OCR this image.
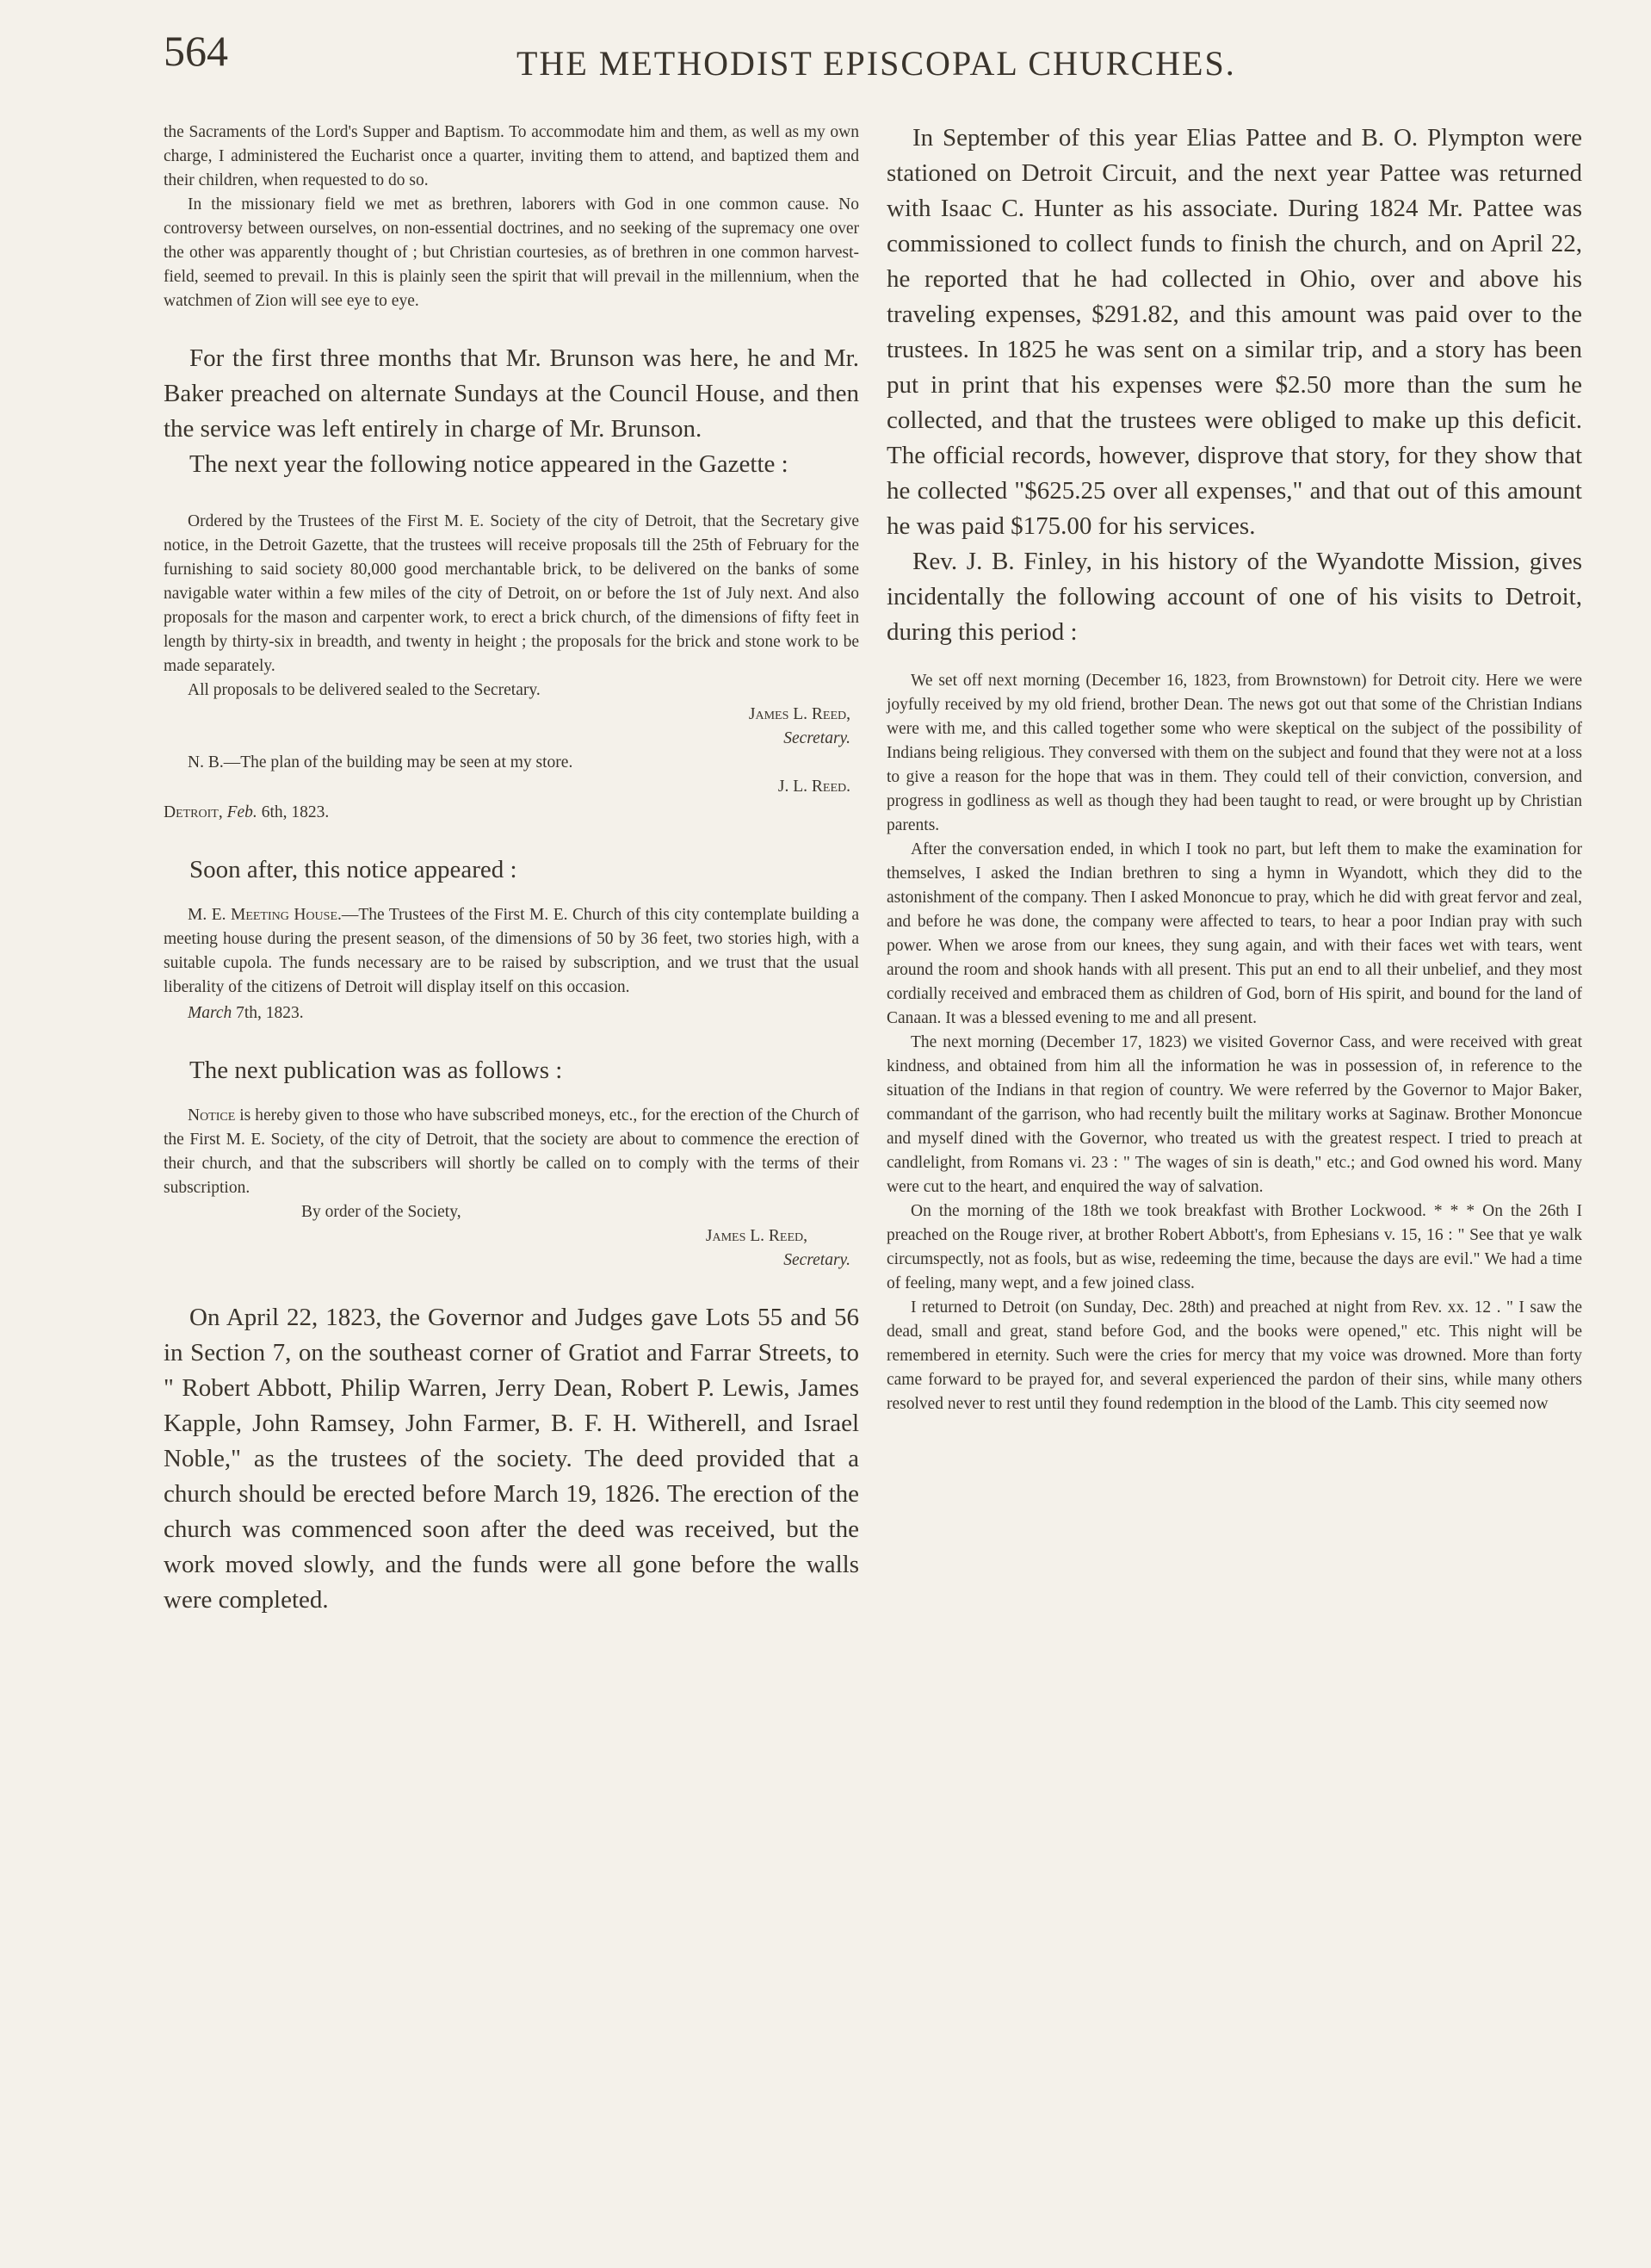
564	THE METHODIST EPISCOPAL CHURCHES.

the Sacraments of the Lord's Supper and Baptism. To accommodate him and them, as well as my own charge, I administered the Eucharist once a quarter, inviting them to attend, and baptized them and their children, when requested to do so.

In the missionary field we met as brethren, laborers with God in one common cause. No controversy between ourselves, on non-essential doctrines, and no seeking of the supremacy one over the other was apparently thought of ; but Christian courtesies, as of brethren in one common harvest-field, seemed to prevail. In this is plainly seen the spirit that will prevail in the millennium, when the watchmen of Zion will see eye to eye.

For the first three months that Mr. Brunson was here, he and Mr. Baker preached on alternate Sundays at the Council House, and then the service was left entirely in charge of Mr. Brunson.

The next year the following notice appeared in the Gazette :

Ordered by the Trustees of the First M. E. Society of the city of Detroit, that the Secretary give notice, in the Detroit Gazette, that the trustees will receive proposals till the 25th of February for the furnishing to said society 80,000 good merchantable brick, to be delivered on the banks of some navigable water within a few miles of the city of Detroit, on or before the 1st of July next. And also proposals for the mason and carpenter work, to erect a brick church, of the dimensions of fifty feet in length by thirty-six in breadth, and twenty in height ; the proposals for the brick and stone work to be made separately.

All proposals to be delivered sealed to the Secretary.

James L. Reed,
Secretary.

N. B.—The plan of the building may be seen at my store.

J. L. Reed.
Detroit, Feb. 6th, 1823.

Soon after, this notice appeared :

M. E. Meeting House.—The Trustees of the First M. E. Church of this city contemplate building a meeting house during the present season, of the dimensions of 50 by 36 feet, two stories high, with a suitable cupola. The funds necessary are to be raised by subscription, and we trust that the usual liberality of the citizens of Detroit will display itself on this occasion.

March 7th, 1823.

The next publication was as follows :

Notice is hereby given to those who have subscribed moneys, etc., for the erection of the Church of the First M. E. Society, of the city of Detroit, that the society are about to commence the erection of their church, and that the subscribers will shortly be called on to comply with the terms of their subscription.

By order of the Society,
James L. Reed,
Secretary.

On April 22, 1823, the Governor and Judges gave Lots 55 and 56 in Section 7, on the southeast corner of Gratiot and Farrar Streets, to " Robert Abbott, Philip Warren, Jerry Dean, Robert P. Lewis, James Kapple, John Ramsey, John Farmer, B. F. H. Witherell, and Israel Noble," as the trustees of the society. The deed provided that a church should be erected before March 19, 1826. The erection of the church was commenced soon after the deed was received, but the work moved slowly, and the funds were all gone before the walls were completed.

In September of this year Elias Pattee and B. O. Plympton were stationed on Detroit Circuit, and the next year Pattee was returned with Isaac C. Hunter as his associate. During 1824 Mr. Pattee was commissioned to collect funds to finish the church, and on April 22, he reported that he had collected in Ohio, over and above his traveling expenses, $291.82, and this amount was paid over to the trustees. In 1825 he was sent on a similar trip, and a story has been put in print that his expenses were $2.50 more than the sum he collected, and that the trustees were obliged to make up this deficit. The official records, however, disprove that story, for they show that he collected "$625.25 over all expenses," and that out of this amount he was paid $175.00 for his services.

Rev. J. B. Finley, in his history of the Wyandotte Mission, gives incidentally the following account of one of his visits to Detroit, during this period :

We set off next morning (December 16, 1823, from Brownstown) for Detroit city. Here we were joyfully received by my old friend, brother Dean. The news got out that some of the Christian Indians were with me, and this called together some who were skeptical on the subject of the possibility of Indians being religious. They conversed with them on the subject and found that they were not at a loss to give a reason for the hope that was in them. They could tell of their conviction, conversion, and progress in godliness as well as though they had been taught to read, or were brought up by Christian parents.

After the conversation ended, in which I took no part, but left them to make the examination for themselves, I asked the Indian brethren to sing a hymn in Wyandott, which they did to the astonishment of the company. Then I asked Mononcue to pray, which he did with great fervor and zeal, and before he was done, the company were affected to tears, to hear a poor Indian pray with such power. When we arose from our knees, they sung again, and with their faces wet with tears, went around the room and shook hands with all present. This put an end to all their unbelief, and they most cordially received and embraced them as children of God, born of His spirit, and bound for the land of Canaan. It was a blessed evening to me and all present.

The next morning (December 17, 1823) we visited Governor Cass, and were received with great kindness, and obtained from him all the information he was in possession of, in reference to the situation of the Indians in that region of country. We were referred by the Governor to Major Baker, commandant of the garrison, who had recently built the military works at Saginaw. Brother Mononcue and myself dined with the Governor, who treated us with the greatest respect. I tried to preach at candlelight, from Romans vi. 23 : " The wages of sin is death," etc.; and God owned his word. Many were cut to the heart, and enquired the way of salvation.

On the morning of the 18th we took breakfast with Brother Lockwood. * * * On the 26th I preached on the Rouge river, at brother Robert Abbott's, from Ephesians v. 15, 16 : " See that ye walk circumspectly, not as fools, but as wise, redeeming the time, because the days are evil." We had a time of feeling, many wept, and a few joined class.

I returned to Detroit (on Sunday, Dec. 28th) and preached at night from Rev. xx. 12 . " I saw the dead, small and great, stand before God, and the books were opened," etc. This night will be remembered in eternity. Such were the cries for mercy that my voice was drowned. More than forty came forward to be prayed for, and several experienced the pardon of their sins, while many others resolved never to rest until they found redemption in the blood of the Lamb. This city seemed now
